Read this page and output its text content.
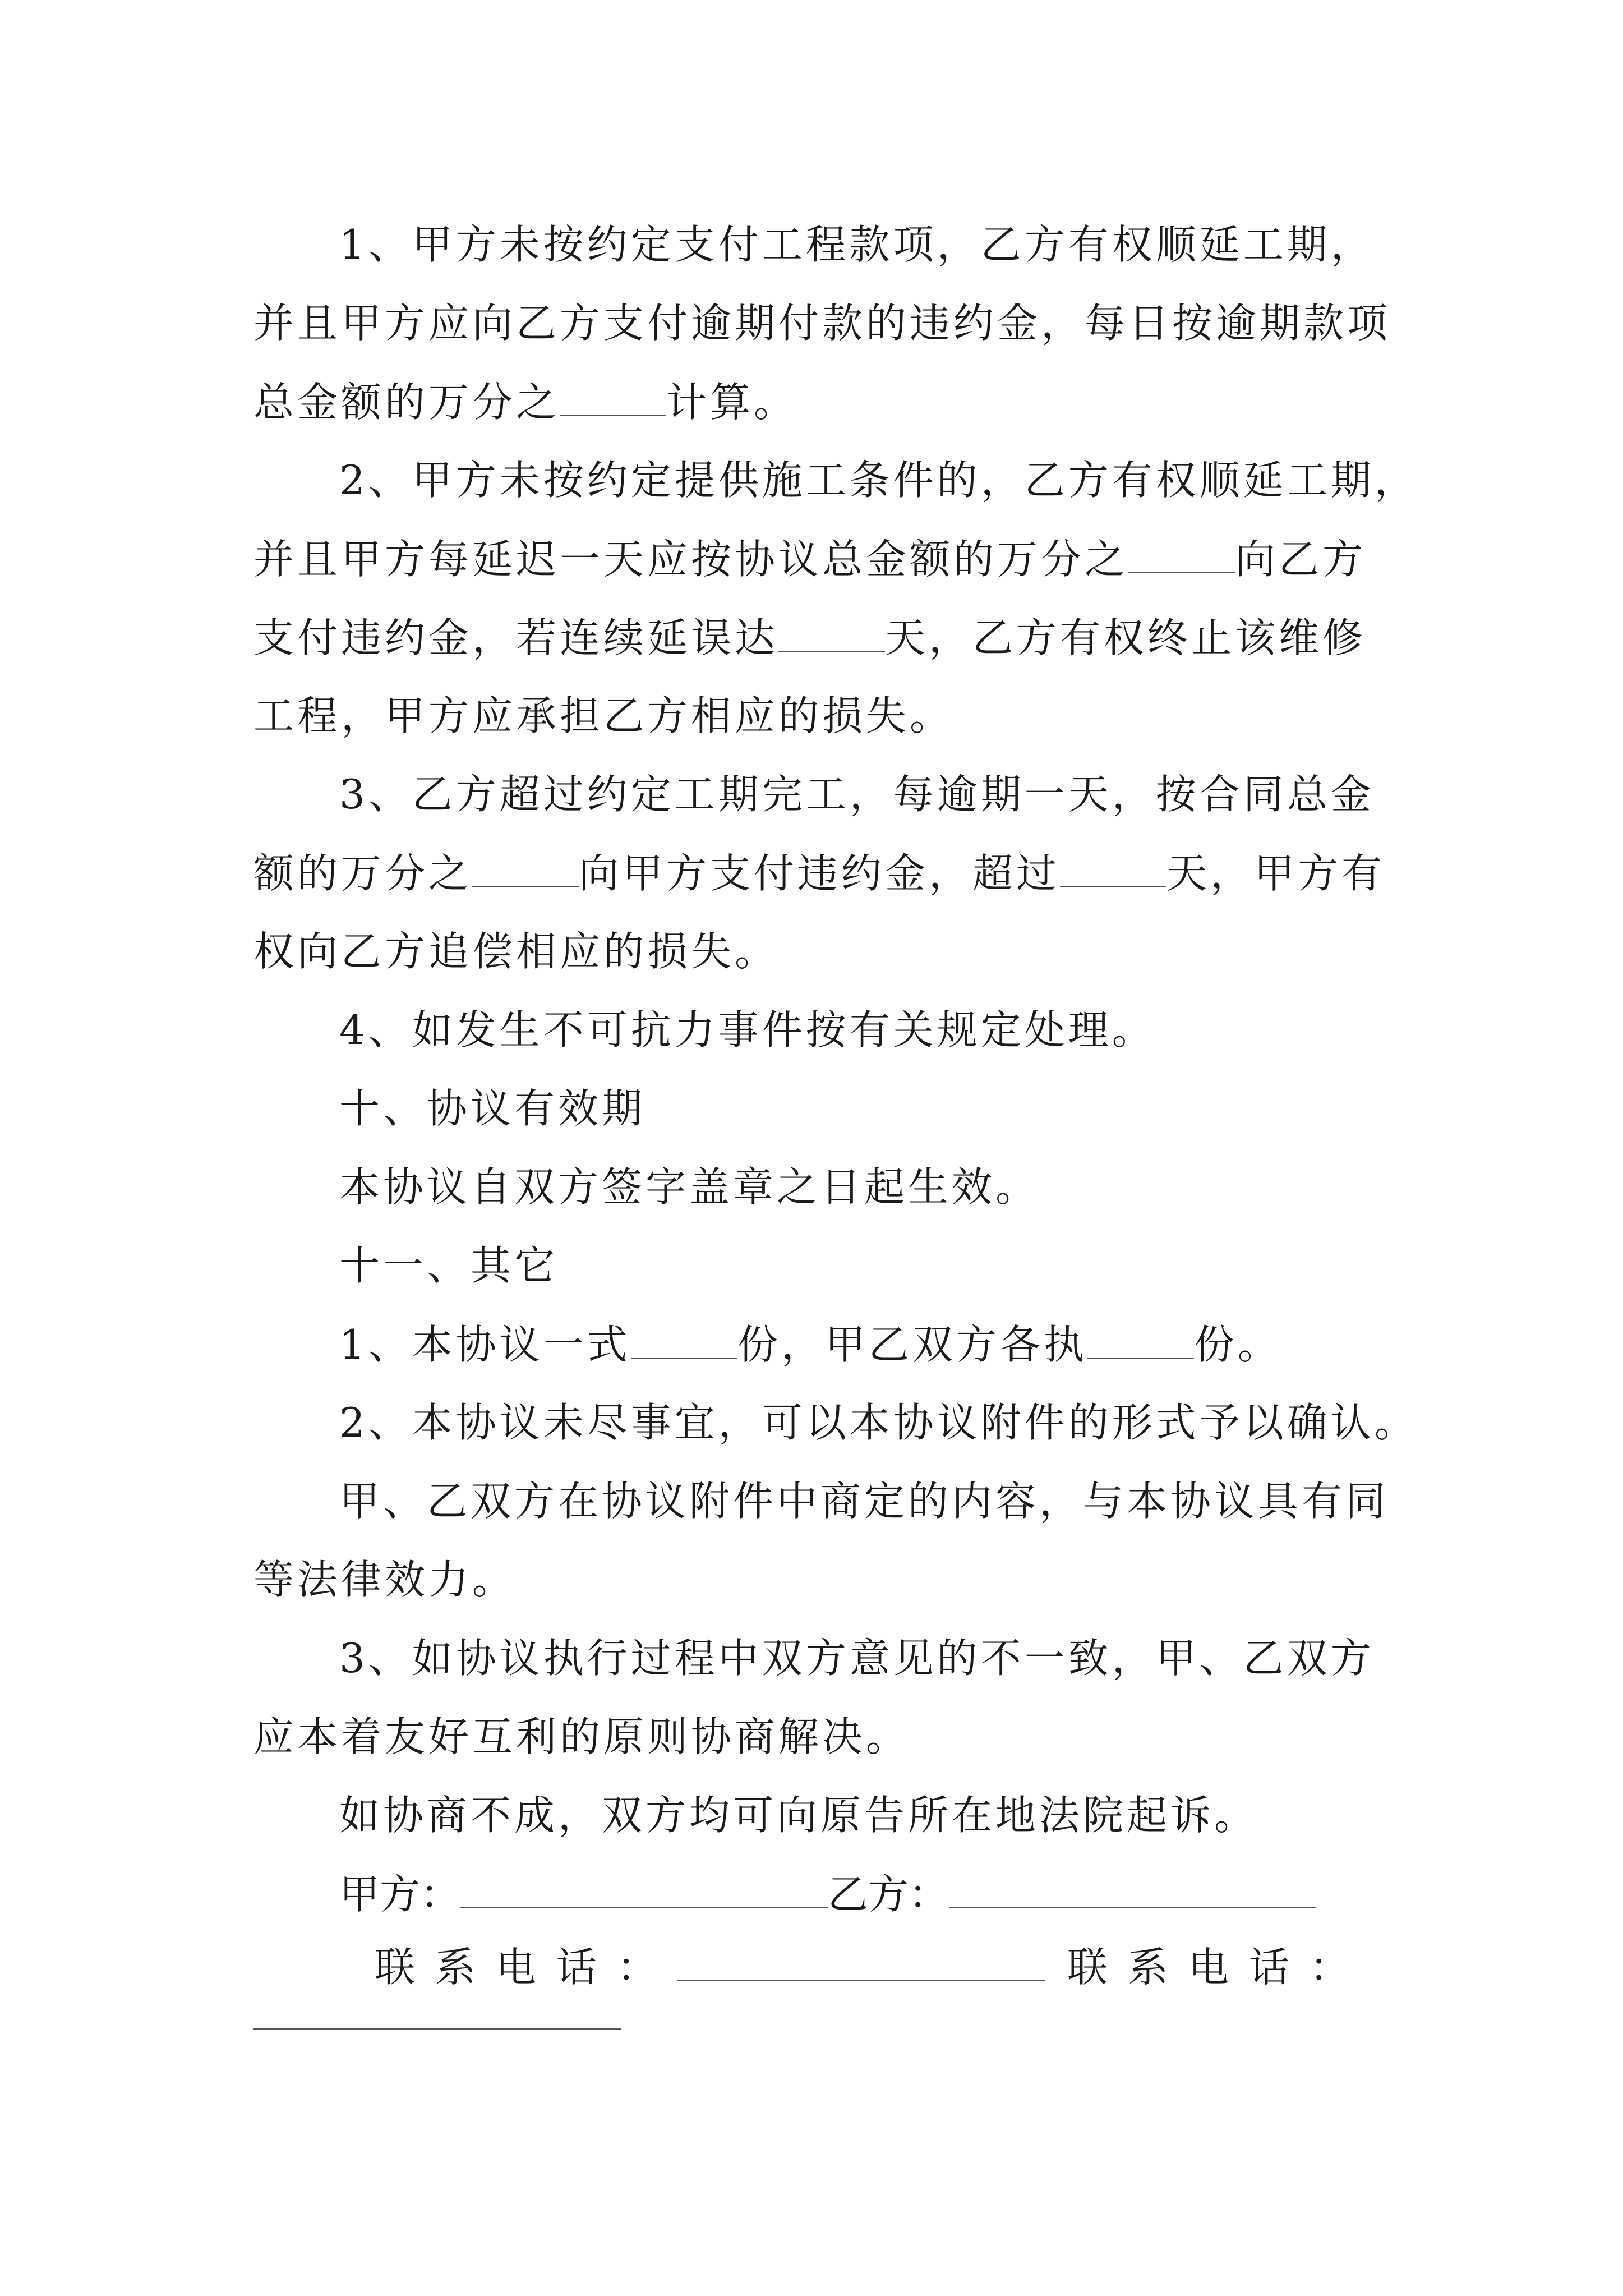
1、甲方未按约定支付工程款项，乙方有权顺延工期，
并且甲方应向乙方支付逾期付款的违约金，每日按逾期款项
总金额的万分之	计算。
2、甲方未按约定提供施工条件的，乙方有权顺延工期，
并且甲方每延迟一天应按协议总金额的万分之	向乙方
支付违约金，若连续延误达	天，乙方有权终止该维修
工程，甲方应承担乙方相应的损失。
3、乙方超过约定工期完工，每逾期一天，按合同总金
额的万分之	向甲方支付违约金，超过	天，甲方有
权向乙方追偿相应的损失。
4、如发生不可抗力事件按有关规定处理。
十、协议有效期
本协议自双方签字盖章之日起生效。
十一、其它
1、本协议一式	份，甲乙双方各执	份。
2、本协议未尽事宜，可以本协议附件的形式予以确认。
甲、乙双方在协议附件中商定的内容，与本协议具有同
等法律效力。
3、如协议执行过程中双方意见的不一致，甲、乙双方
应本着友好互利的原则协商解决。
如协商不成，双方均可向原告所在地法院起诉。
甲方：	乙方：
联系电话：	联系电话：
